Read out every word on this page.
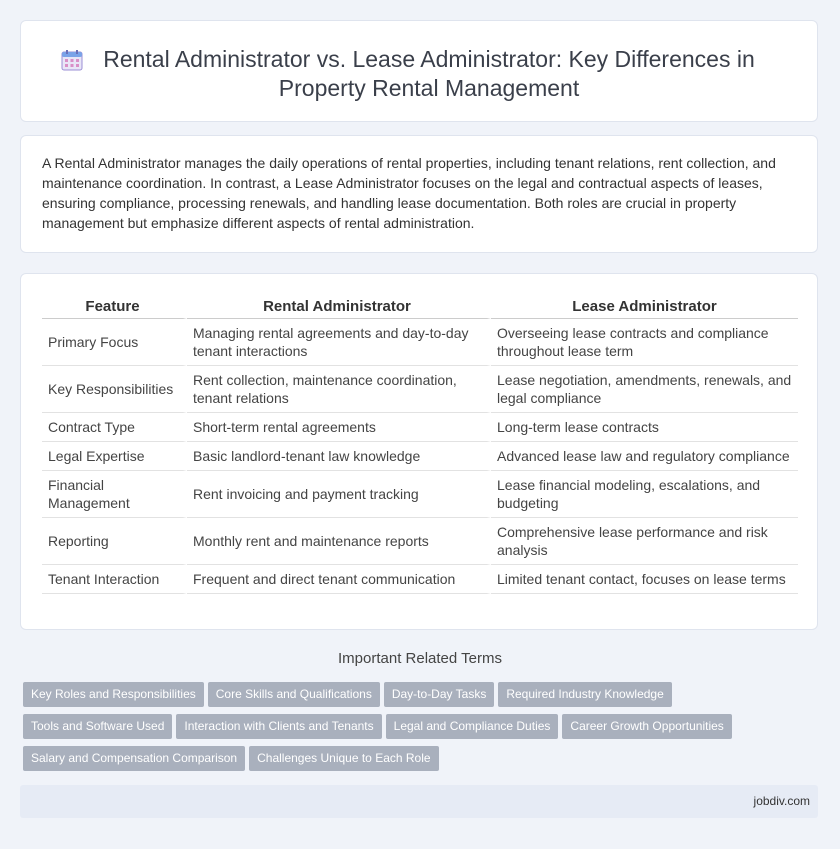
Rental Administrator vs. Lease Administrator: Key Differences in Property Rental Management

A Rental Administrator manages the daily operations of rental properties, including tenant relations, rent collection, and maintenance coordination. In contrast, a Lease Administrator focuses on the legal and contractual aspects of leases, ensuring compliance, processing renewals, and handling lease documentation. Both roles are crucial in property management but emphasize different aspects of rental administration.

Feature	Rental Administrator	Lease Administrator
Primary Focus	Managing rental agreements and day-to-day tenant interactions	Overseeing lease contracts and compliance throughout lease term
Key Responsibilities	Rent collection, maintenance coordination, tenant relations	Lease negotiation, amendments, renewals, and legal compliance
Contract Type	Short-term rental agreements	Long-term lease contracts
Legal Expertise	Basic landlord-tenant law knowledge	Advanced lease law and regulatory compliance
Financial Management	Rent invoicing and payment tracking	Lease financial modeling, escalations, and budgeting
Reporting	Monthly rent and maintenance reports	Comprehensive lease performance and risk analysis
Tenant Interaction	Frequent and direct tenant communication	Limited tenant contact, focuses on lease terms
Important Related Terms
Key Roles and Responsibilities Core Skills and Qualifications Day-to-Day Tasks Required Industry Knowledge
Tools and Software Used Interaction with Clients and Tenants Legal and Compliance Duties Career Growth Opportunities
Salary and Compensation Comparison Challenges Unique to Each Role
jobdiv.com
